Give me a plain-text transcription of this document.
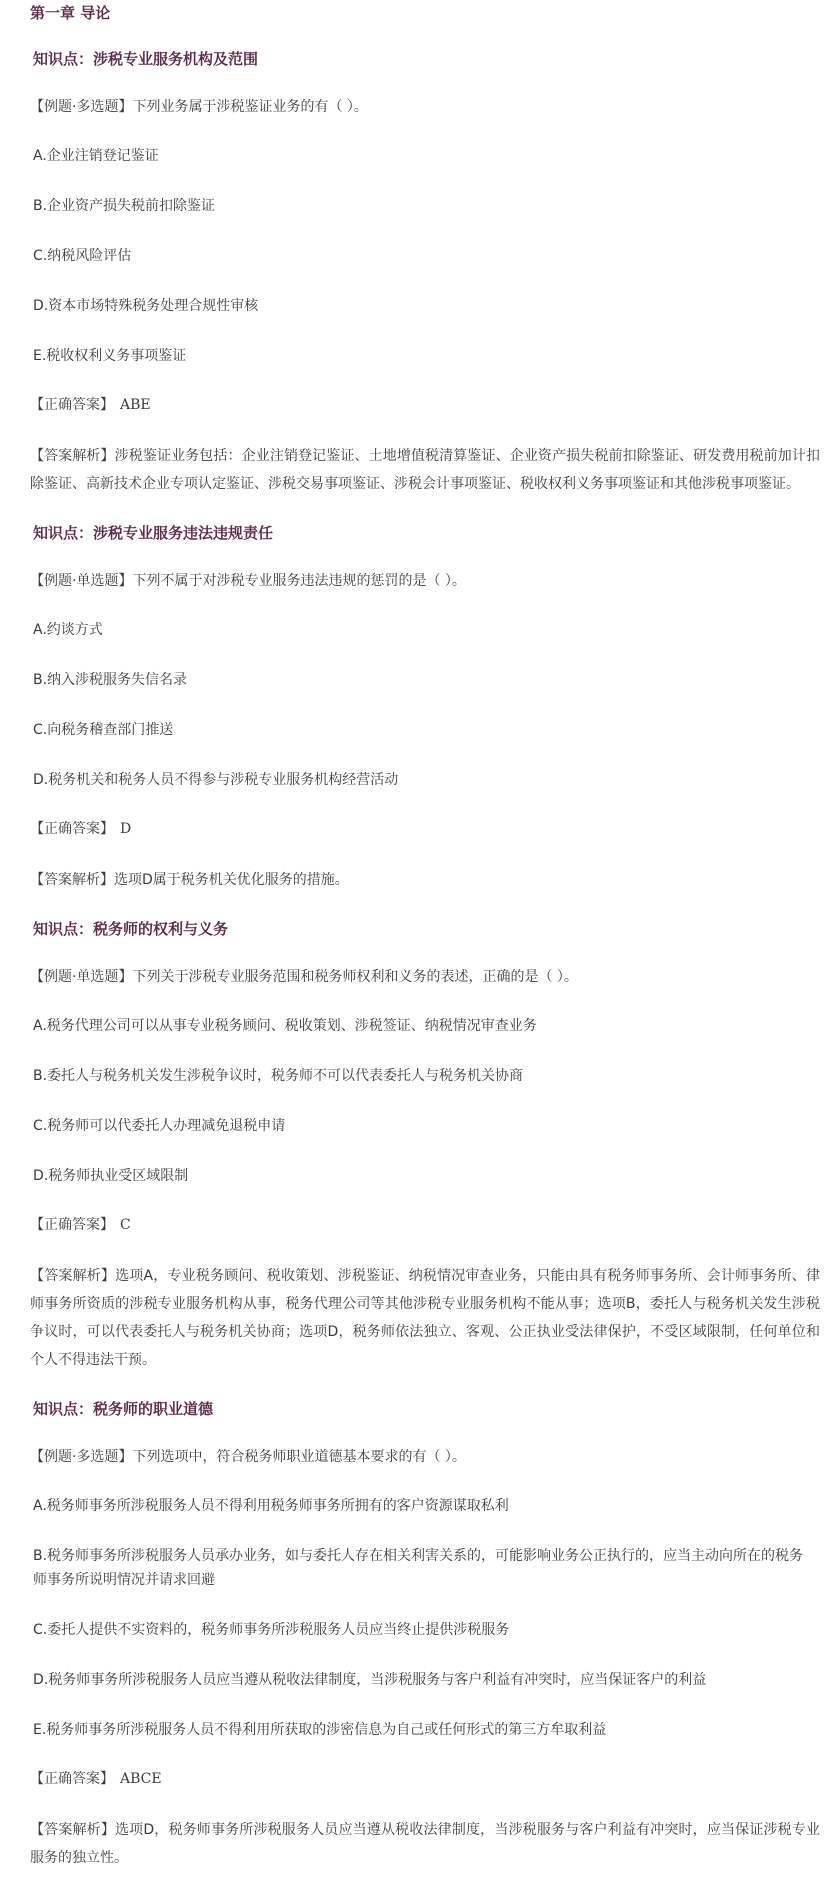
第一章 导论
知识点：涉税专业服务机构及范围
【例题·多选题】下列业务属于涉税鉴证业务的有（ ）。
A.企业注销登记鉴证
B.企业资产损失税前扣除鉴证
C.纳税风险评估
D.资本市场特殊税务处理合规性审核
E.税收权利义务事项鉴证
【正确答案】 ABE
【答案解析】涉税鉴证业务包括：企业注销登记鉴证、土地增值税清算鉴证、企业资产损失税前扣除鉴证、研发费用税前加计扣除鉴证、高新技术企业专项认定鉴证、涉税交易事项鉴证、涉税会计事项鉴证、税收权利义务事项鉴证和其他涉税事项鉴证。
知识点：涉税专业服务违法违规责任
【例题·单选题】下列不属于对涉税专业服务违法违规的惩罚的是（ ）。
A.约谈方式
B.纳入涉税服务失信名录
C.向税务稽查部门推送
D.税务机关和税务人员不得参与涉税专业服务机构经营活动
【正确答案】 D
【答案解析】选项D属于税务机关优化服务的措施。
知识点：税务师的权利与义务
【例题·单选题】下列关于涉税专业服务范围和税务师权利和义务的表述，正确的是（ ）。
A.税务代理公司可以从事专业税务顾问、税收策划、涉税签证、纳税情况审查业务
B.委托人与税务机关发生涉税争议时，税务师不可以代表委托人与税务机关协商
C.税务师可以代委托人办理减免退税申请
D.税务师执业受区域限制
【正确答案】 C
【答案解析】选项A，专业税务顾问、税收策划、涉税鉴证、纳税情况审查业务，只能由具有税务师事务所、会计师事务所、律师事务所资质的涉税专业服务机构从事，税务代理公司等其他涉税专业服务机构不能从事；选项B，委托人与税务机关发生涉税争议时，可以代表委托人与税务机关协商；选项D，税务师依法独立、客观、公正执业受法律保护，不受区域限制，任何单位和个人不得违法干预。
知识点：税务师的职业道德
【例题·多选题】下列选项中，符合税务师职业道德基本要求的有（ ）。
A.税务师事务所涉税服务人员不得利用税务师事务所拥有的客户资源谋取私利
B.税务师事务所涉税服务人员承办业务，如与委托人存在相关利害关系的，可能影响业务公正执行的，应当主动向所在的税务师事务所说明情况并请求回避
C.委托人提供不实资料的，税务师事务所涉税服务人员应当终止提供涉税服务
D.税务师事务所涉税服务人员应当遵从税收法律制度，当涉税服务与客户利益有冲突时，应当保证客户的利益
E.税务师事务所涉税服务人员不得利用所获取的涉密信息为自己或任何形式的第三方牟取利益
【正确答案】 ABCE
【答案解析】选项D，税务师事务所涉税服务人员应当遵从税收法律制度，当涉税服务与客户利益有冲突时，应当保证涉税专业服务的独立性。
